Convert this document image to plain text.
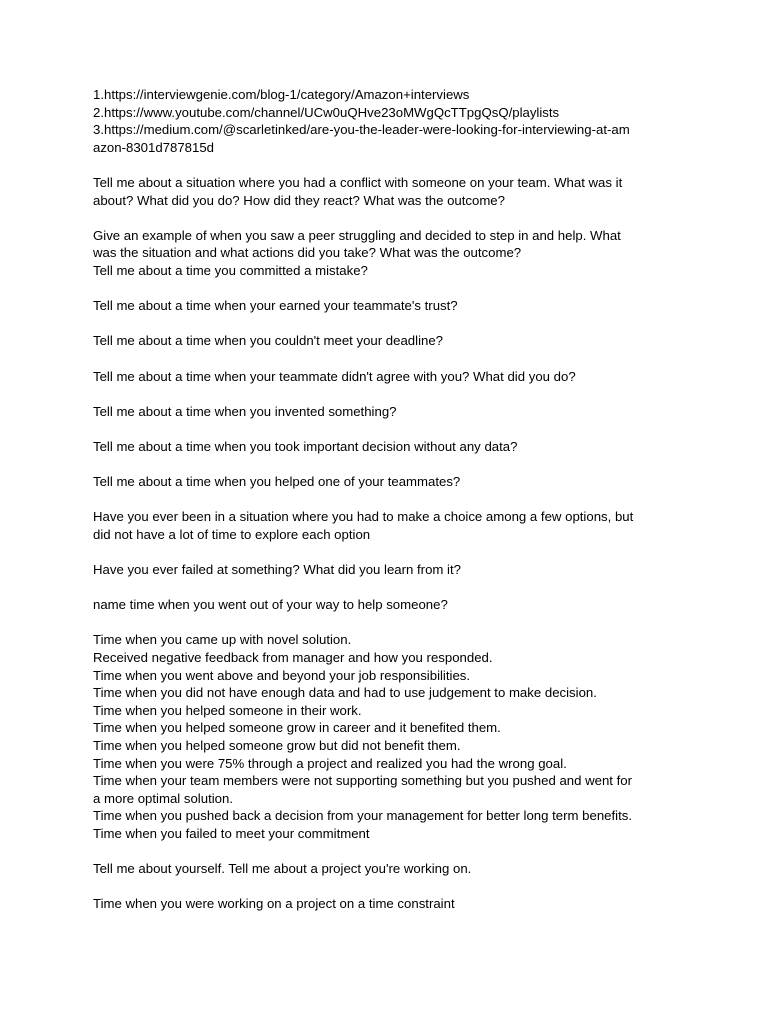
1.https://interviewgenie.com/blog-1/category/Amazon+interviews
2.https://www.youtube.com/channel/UCw0uQHve23oMWgQcTTpgQsQ/playlists
3.https://medium.com/@scarletinked/are-you-the-leader-were-looking-for-interviewing-at-am
azon-8301d787815d
Tell me about a situation where you had a conflict with someone on your team. What was it
about? What did you do? How did they react? What was the outcome?
Give an example of when you saw a peer struggling and decided to step in and help. What
was the situation and what actions did you take? What was the outcome?
Tell me about a time you committed a mistake?
Tell me about a time when your earned your teammate's trust?
Tell me about a time when you couldn't meet your deadline?
Tell me about a time when your teammate didn't agree with you? What did you do?
Tell me about a time when you invented something?
Tell me about a time when you took important decision without any data?
Tell me about a time when you helped one of your teammates?
Have you ever been in a situation where you had to make a choice among a few options, but
did not have a lot of time to explore each option
Have you ever failed at something? What did you learn from it?
name time when you went out of your way to help someone?
Time when you came up with novel solution.
Received negative feedback from manager and how you responded.
Time when you went above and beyond your job responsibilities.
Time when you did not have enough data and had to use judgement to make decision.
Time when you helped someone in their work.
Time when you helped someone grow in career and it benefited them.
Time when you helped someone grow but did not benefit them.
Time when you were 75% through a project and realized you had the wrong goal.
Time when your team members were not supporting something but you pushed and went for
a more optimal solution.
Time when you pushed back a decision from your management for better long term benefits.
Time when you failed to meet your commitment
Tell me about yourself. Tell me about a project you're working on.
Time when you were working on a project on a time constraint
